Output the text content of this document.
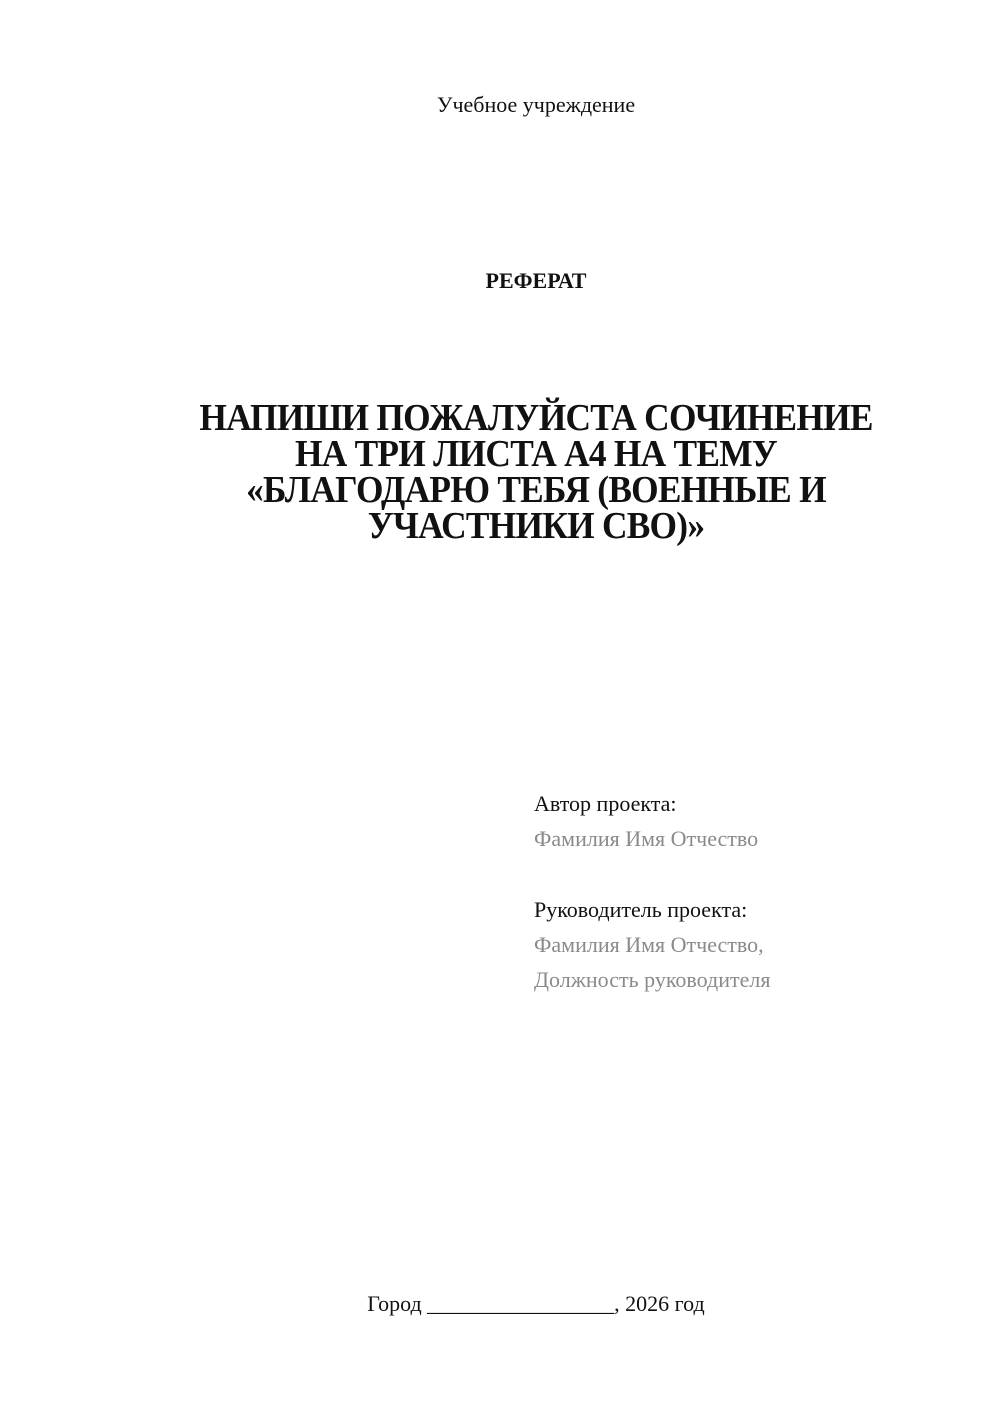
Учебное учреждение
РЕФЕРАТ
НАПИШИ ПОЖАЛУЙСТА СОЧИНЕНИЕ
НА ТРИ ЛИСТА А4 НА ТЕМУ
«БЛАГОДАРЮ ТЕБЯ (ВОЕННЫЕ И
УЧАСТНИКИ СВО)»
Автор проекта:
Фамилия Имя Отчество
Руководитель проекта:
Фамилия Имя Отчество,
Должность руководителя
Город _________________, 2026 год
